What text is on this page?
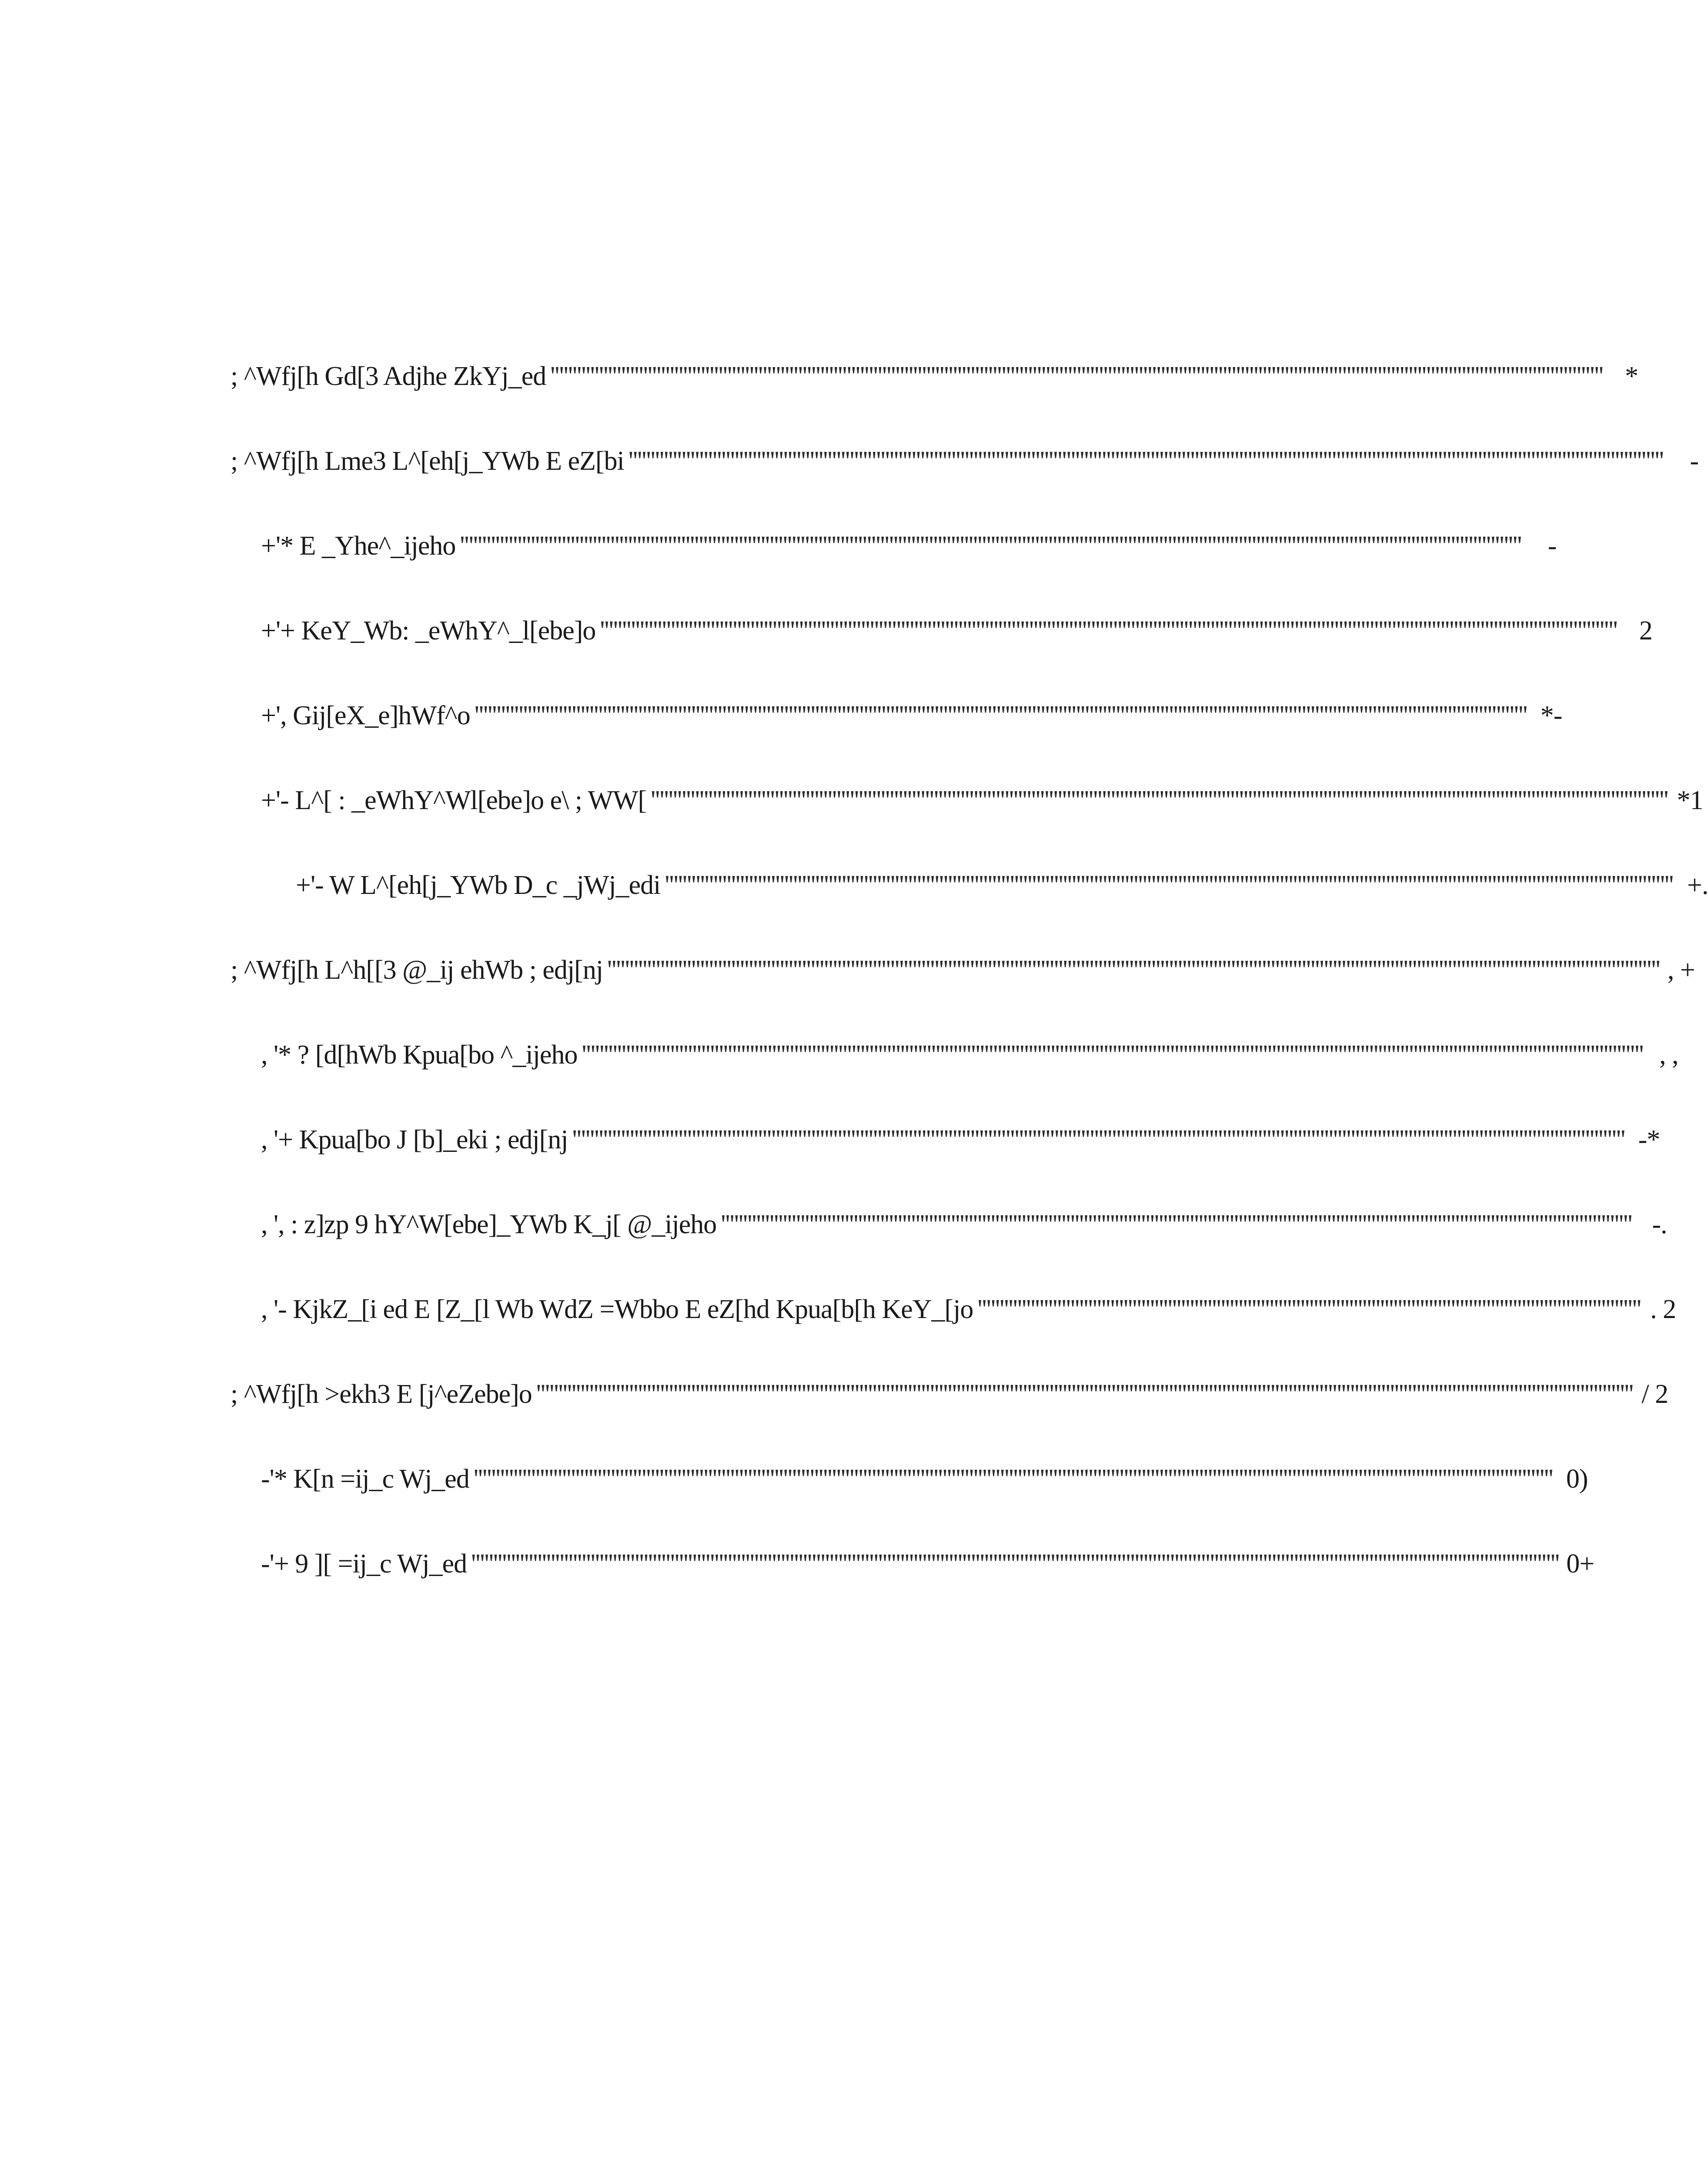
; ^Wfj[h Gd[3 Adjhe ZkYj_ed '''''''''''''''''''''''''''''''''''''''''''''''''''''''''''''''''''''''''''''''''''''''''''''''''''''''''''''''''''''''''''''''''''''''''''''''''''''''''''''''''''''''''''''''''''''''''''''''''''''''''''''''''''''''''''''''''''''''''''''' *
; ^Wfj[h Lme3 L^[eh[j_YWb E eZ[bi '''''''''''''''''''''''''''''''''''''''''''''''''''''''''''''''''''''''''''''''''''''''''''''''''''''''''''''''''''''''''''''''''''''''''''''''''''''''''''''''''''''''''''''''''''''''''''''''''''''''''''''''''''''''''''''''''''''''''' -
+'* E _Yhe^_ijeho '''''''''''''''''''''''''''''''''''''''''''''''''''''''''''''''''''''''''''''''''''''''''''''''''''''''''''''''''''''''''''''''''''''''''''''''''''''''''''''''''''''''''''''''''''''''''''''''''''''''''''''''''''''''''''''''''''''''''''''''' -
+'+ KeY_Wb: _eWhY^_l[ebe]o '''''''''''''''''''''''''''''''''''''''''''''''''''''''''''''''''''''''''''''''''''''''''''''''''''''''''''''''''''''''''''''''''''''''''''''''''''''''''''''''''''''''''''''''''''''''''''''''''''''''''''''''''''''''''''''''''''''' 2
+', Gij[eX_e]hWf^o '''''''''''''''''''''''''''''''''''''''''''''''''''''''''''''''''''''''''''''''''''''''''''''''''''''''''''''''''''''''''''''''''''''''''''''''''''''''''''''''''''''''''''''''''''''''''''''''''''''''''''''''''''''''''''''''''''''''''''''' *-
+'- L^[ : _eWhY^Wl[ebe]o e\ ; WW[ '''''''''''''''''''''''''''''''''''''''''''''''''''''''''''''''''''''''''''''''''''''''''''''''''''''''''''''''''''''''''''''''''''''''''''''''''''''''''''''''''''''''''''''''''''''''''''''''''''''''''''''''''''''''''''''''''''''' *1
+'- W L^[eh[j_YWb D_c _jWj_edi '''''''''''''''''''''''''''''''''''''''''''''''''''''''''''''''''''''''''''''''''''''''''''''''''''''''''''''''''''''''''''''''''''''''''''''''''''''''''''''''''''''''''''''''''''''''''''''''''''''''''''''''''''''''''''''''''''' +.
; ^Wfj[h L^h[[3 @_ij ehWb ; edj[nj '''''''''''''''''''''''''''''''''''''''''''''''''''''''''''''''''''''''''''''''''''''''''''''''''''''''''''''''''''''''''''''''''''''''''''''''''''''''''''''''''''''''''''''''''''''''''''''''''''''''''''''''''''''''''''''''''''''''''''''' , +
, '* ? [d[hWb Kpua[bo ^_ijeho '''''''''''''''''''''''''''''''''''''''''''''''''''''''''''''''''''''''''''''''''''''''''''''''''''''''''''''''''''''''''''''''''''''''''''''''''''''''''''''''''''''''''''''''''''''''''''''''''''''''''''''''''''''''''''''''''''''''''''''''' , ,
, '+ Kpua[bo J [b]_eki ; edj[nj '''''''''''''''''''''''''''''''''''''''''''''''''''''''''''''''''''''''''''''''''''''''''''''''''''''''''''''''''''''''''''''''''''''''''''''''''''''''''''''''''''''''''''''''''''''''''''''''''''''''''''''''''''''''''''''''''''''''''''''' -*
, ', : z]zp 9 hY^W[ebe]_YWb K_j[ @_ijeho '''''''''''''''''''''''''''''''''''''''''''''''''''''''''''''''''''''''''''''''''''''''''''''''''''''''''''''''''''''''''''''''''''''''''''''''''''''''''''''''''''''''''''''''''''''''''''''''''''''''''''''' -.
, '- KjkZ_[i ed E [Z_[l Wb WdZ =Wbbo E eZ[hd Kpua[b[h KeY_[jo '''''''''''''''''''''''''''''''''''''''''''''''''''''''''''''''''''''''''''''''''''''''''''''''''''''''''''''''''''''''''''''''''''''''''''''''''''''' . 2
; ^Wfj[h >ekh3 E [j^eZebe]o '''''''''''''''''''''''''''''''''''''''''''''''''''''''''''''''''''''''''''''''''''''''''''''''''''''''''''''''''''''''''''''''''''''''''''''''''''''''''''''''''''''''''''''''''''''''''''''''''''''''''''''''''''''''''''''''''''''''''''''''''''''''' / 2
-'* K[n =ij_c Wj_ed '''''''''''''''''''''''''''''''''''''''''''''''''''''''''''''''''''''''''''''''''''''''''''''''''''''''''''''''''''''''''''''''''''''''''''''''''''''''''''''''''''''''''''''''''''''''''''''''''''''''''''''''''''''''''''''''''''''''''''''''''''' 0)
-'+ 9 ][ =ij_c Wj_ed '''''''''''''''''''''''''''''''''''''''''''''''''''''''''''''''''''''''''''''''''''''''''''''''''''''''''''''''''''''''''''''''''''''''''''''''''''''''''''''''''''''''''''''''''''''''''''''''''''''''''''''''''''''''''''''''''''''''''''''''''''''' 0+
